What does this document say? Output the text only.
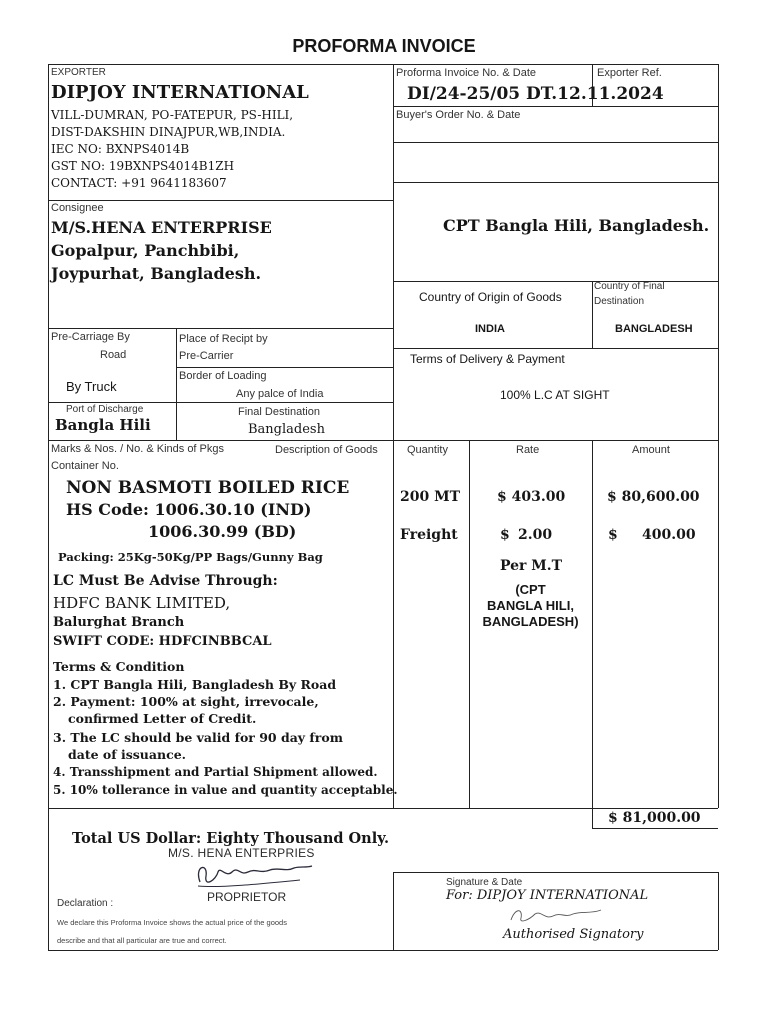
PROFORMA INVOICE
EXPORTER
DIPJOY INTERNATIONAL
VILL-DUMRAN, PO-FATEPUR, PS-HILI,
DIST-DAKSHIN DINAJPUR,WB,INDIA.
IEC NO: BXNPS4014B
GST NO: 19BXNPS4014B1ZH
CONTACT: +91 9641183607
Proforma Invoice No. & Date	Exporter Ref.
DI/24-25/05 DT.12.11.2024
Buyer's Order No. & Date
Consignee
M/S.HENA ENTERPRISE
Gopalpur, Panchbibi,
Joypurhat, Bangladesh.
CPT Bangla Hili, Bangladesh.
Country of Origin of Goods
Country of Final
Destination
INDIA	BANGLADESH
Pre-Carriage By
Road
Place of Recipt by
Pre-Carrier
By Truck
Border of Loading
Any palce of India
Port of Discharge
Bangla Hili
Final Destination
Bangladesh
Terms of Delivery & Payment
100% L.C AT SIGHT
Marks & Nos. / No. & Kinds of Pkgs
Container No.
Description of Goods	Quantity	Rate	Amount
NON BASMOTI BOILED RICE
HS Code: 1006.30.10 (IND)
1006.30.99 (BD)
Packing: 25Kg-50Kg/PP Bags/Gunny Bag
LC Must Be Advise Through:
HDFC BANK LIMITED,
Balurghat Branch
SWIFT CODE: HDFCINBBCAL
Terms & Condition
1. CPT Bangla Hili, Bangladesh By Road
2. Payment: 100% at sight, irrevocale,
confirmed Letter of Credit.
3. The LC should be valid for 90 day from
date of issuance.
4. Transshipment and Partial Shipment allowed.
5. 10% tollerance in value and quantity acceptable.
200 MT	$ 403.00	$ 80,600.00
Freight	$ 2.00	$ 400.00
Per M.T
(CPT
BANGLA HILI,
BANGLADESH)
$ 81,000.00
Total US Dollar: Eighty Thousand Only.
M/S. HENA ENTERPRIES
PROPRIETOR
Declaration :
We declare this Proforma Invoice shows the actual price of the goods
describe and that all particular are true and correct.
Signature & Date
For: DIPJOY INTERNATIONAL
Authorised Signatory
